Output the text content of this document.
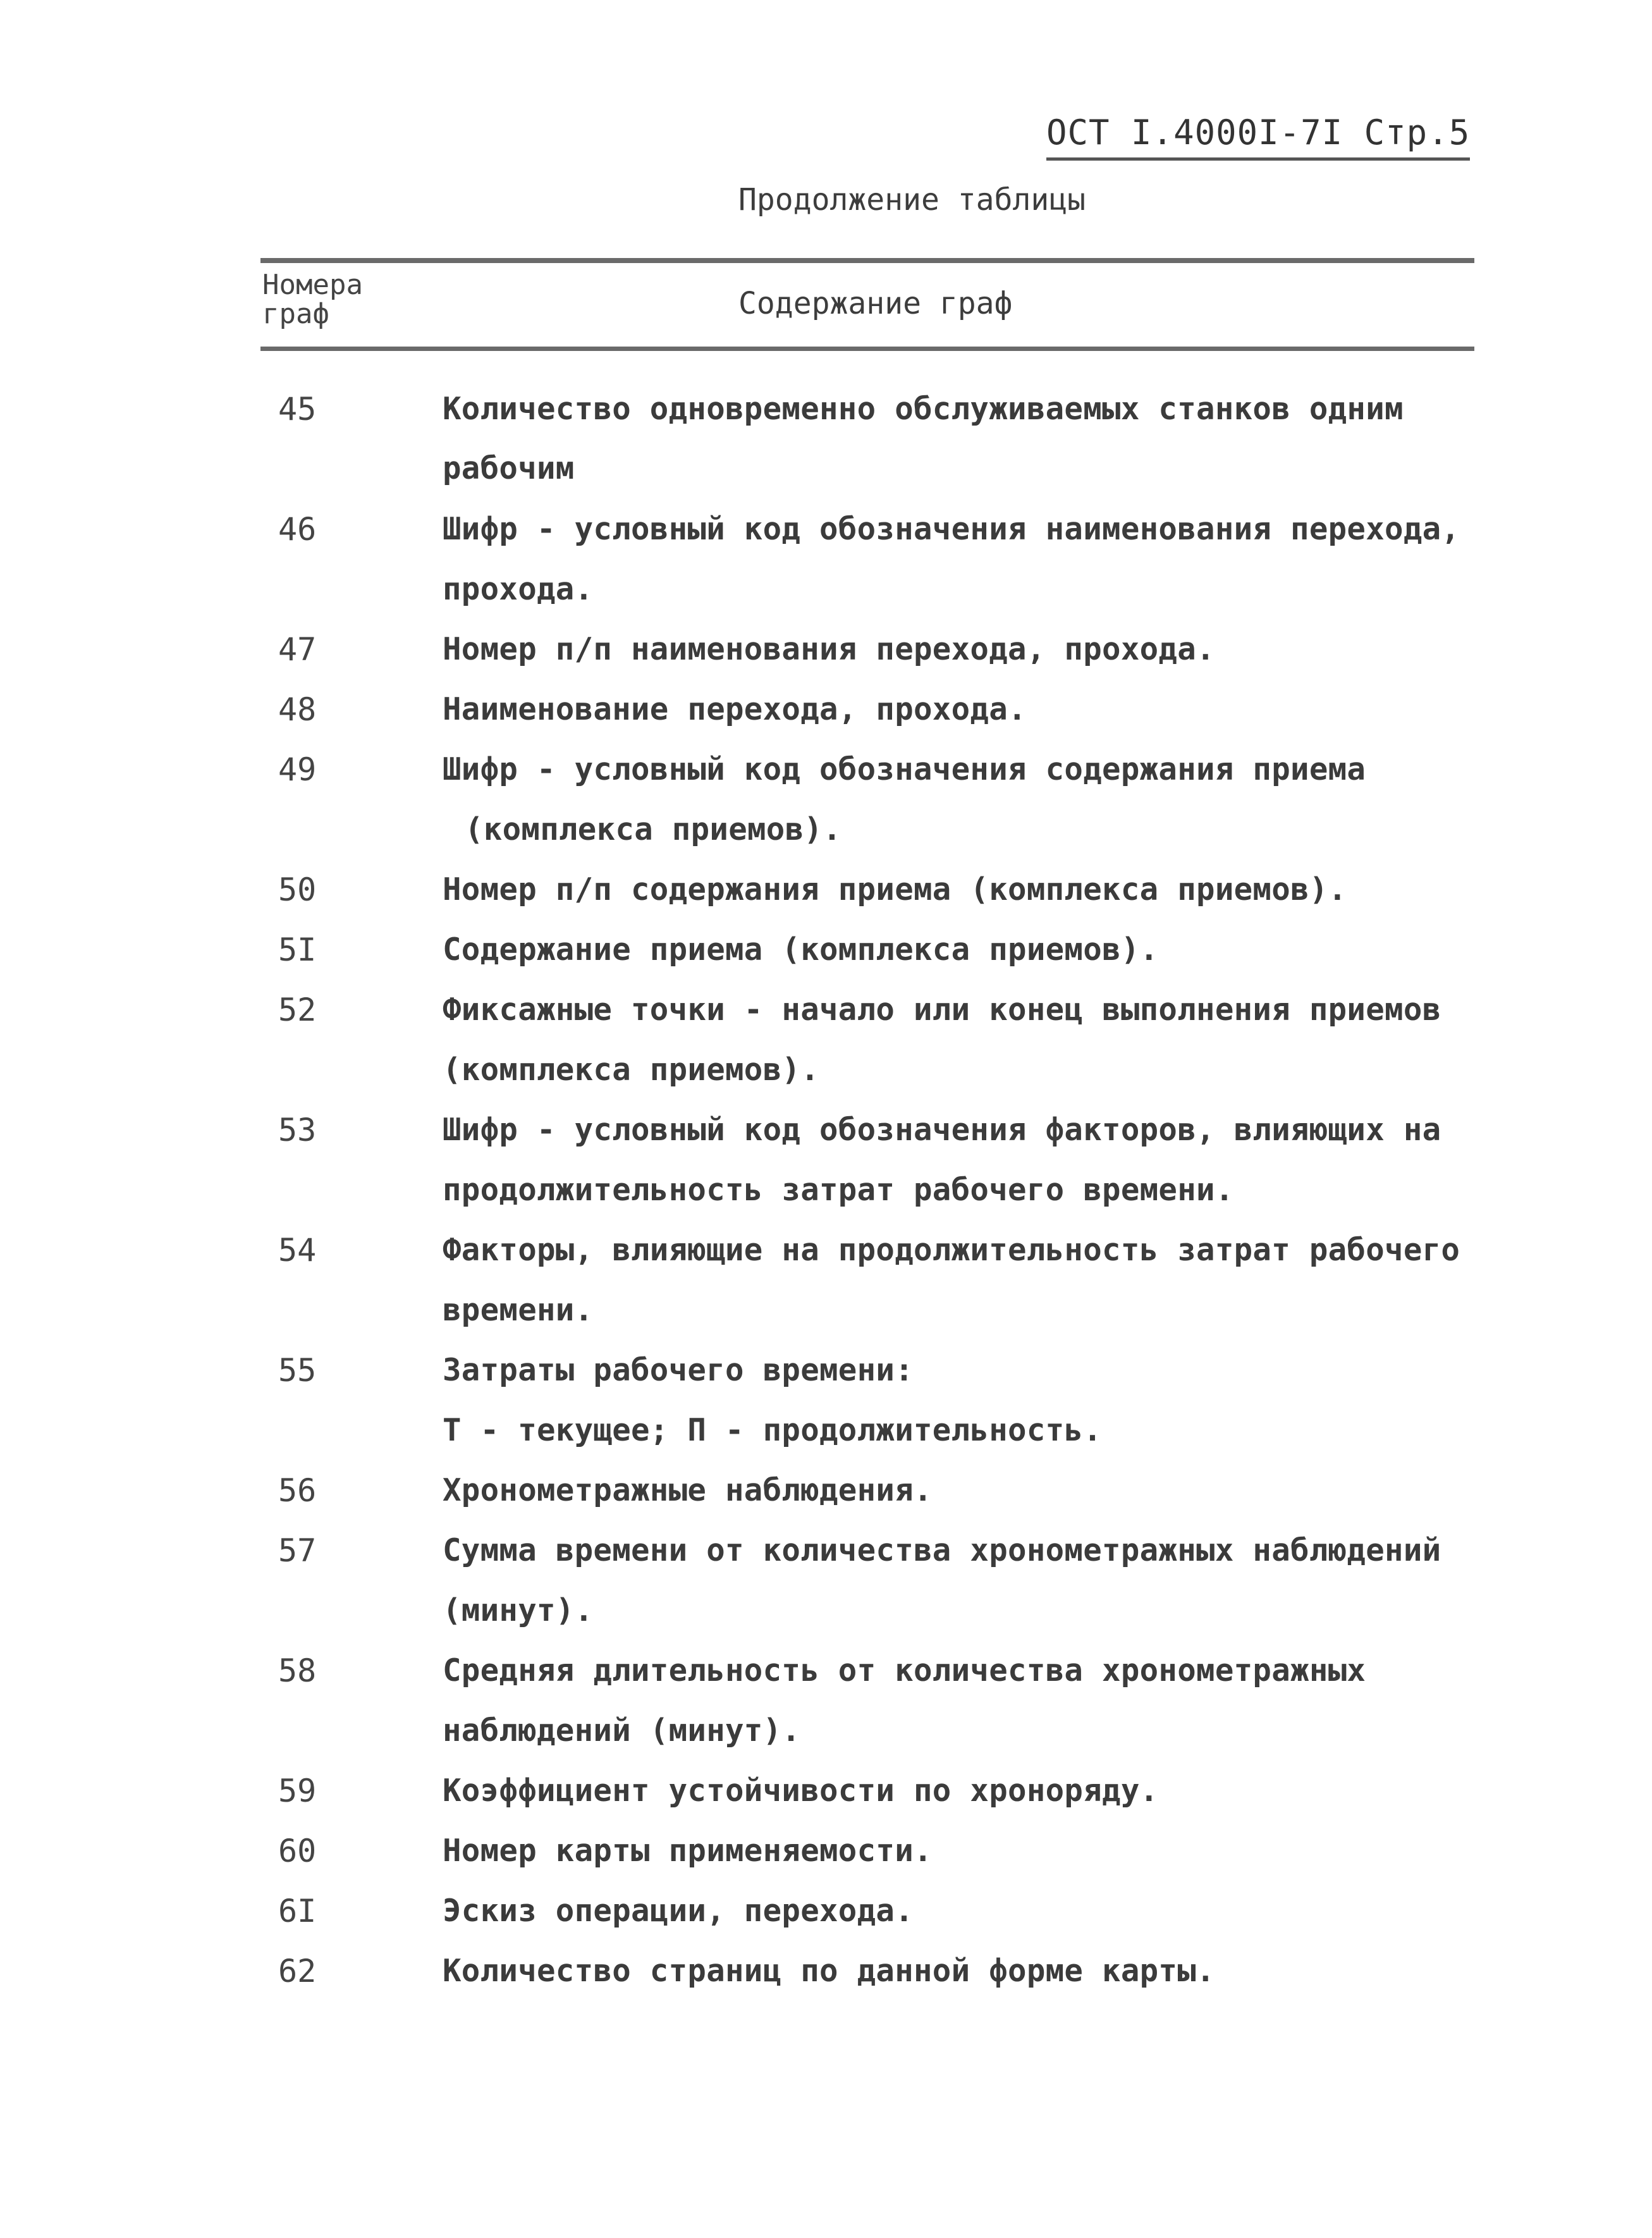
ОСТ I.4000I-7I Стр.5
Продолжение таблицы
Номера
граф	Содержание граф
45	Количество одновременно обслуживаемых станков одним
рабочим
46	Шифр - условный код обозначения наименования перехода,
прохода.
47	Номер п/п наименования перехода, прохода.
48	Наименование перехода, прохода.
49	Шифр - условный код обозначения содержания приема
(комплекса приемов).
50	Номер п/п содержания приема (комплекса приемов).
5I	Содержание приема (комплекса приемов).
52	Фиксажные точки - начало или конец выполнения приемов
(комплекса приемов).
53	Шифр - условный код обозначения факторов, влияющих на
продолжительность затрат рабочего времени.
54	Факторы, влияющие на продолжительность затрат рабочего
времени.
55	Затраты рабочего времени:
Т - текущее; П - продолжительность.
56	Хронометражные наблюдения.
57	Сумма времени от количества хронометражных наблюдений
(минут).
58	Средняя длительность от количества хронометражных
наблюдений (минут).
59	Коэффициент устойчивости по хроноряду.
60	Номер карты применяемости.
6I	Эскиз операции, перехода.
62	Количество страниц по данной форме карты.
